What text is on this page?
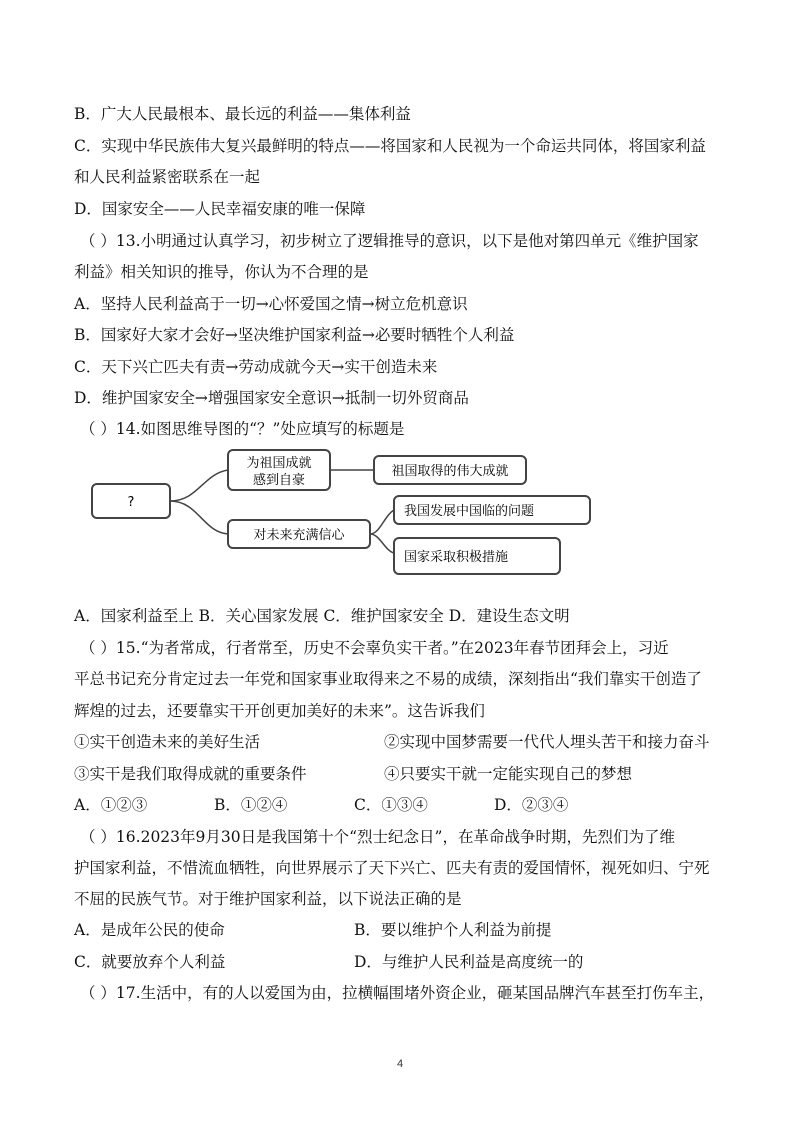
B．广大人民最根本、最长远的利益——集体利益
C．实现中华民族伟大复兴最鲜明的特点——将国家和人民视为一个命运共同体，将国家利益
和人民利益紧密联系在一起
D．国家安全——人民幸福安康的唯一保障
（ ）13.小明通过认真学习，初步树立了逻辑推导的意识，以下是他对第四单元《维护国家
利益》相关知识的推导，你认为不合理的是
A．坚持人民利益高于一切→心怀爱国之情→树立危机意识
B．国家好大家才会好→坚决维护国家利益→必要时牺牲个人利益
C．天下兴亡匹夫有责→劳动成就今天→实干创造未来
D．维护国家安全→增强国家安全意识→抵制一切外贸商品
（ ）14.如图思维导图的“？”处应填写的标题是
?
为祖国成就
感到自豪
祖国取得的伟大成就
对未来充满信心
我国发展中国临的问题
国家采取积极措施
A．国家利益至上 B．关心国家发展 C．维护国家安全 D．建设生态文明
（ ）15.“为者常成，行者常至，历史不会辜负实干者。”在2023年春节团拜会上，习近
平总书记充分肯定过去一年党和国家事业取得来之不易的成绩，深刻指出“我们靠实干创造了
辉煌的过去，还要靠实干开创更加美好的未来”。这告诉我们
①实干创造未来的美好生活	②实现中国梦需要一代代人埋头苦干和接力奋斗
③实干是我们取得成就的重要条件	④只要实干就一定能实现自己的梦想
A．①②③	B．①②④	C．①③④	D．②③④
（ ）16.2023年9月30日是我国第十个“烈士纪念日”，在革命战争时期，先烈们为了维
护国家利益，不惜流血牺牲，向世界展示了天下兴亡、匹夫有责的爱国情怀，视死如归、宁死
不屈的民族气节。对于维护国家利益，以下说法正确的是
A．是成年公民的使命	B．要以维护个人利益为前提
C．就要放弃个人利益	D．与维护人民利益是高度统一的
（ ）17.生活中，有的人以爱国为由，拉横幅围堵外资企业，砸某国品牌汽车甚至打伤车主，
4
